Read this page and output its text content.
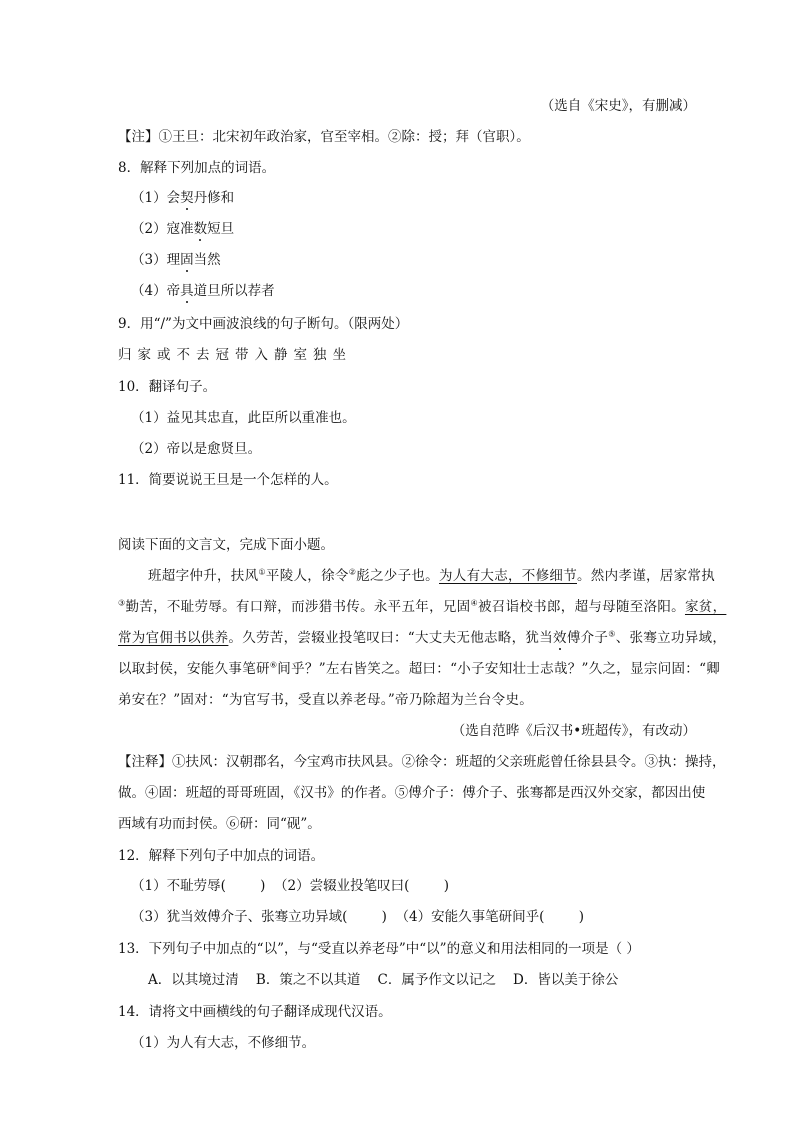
（选自《宋史》，有删减）
【注】①王旦：北宋初年政治家，官至宰相。②除：授；拜（官职）。
8．解释下列加点的词语。
（1）会契丹修和
（2）寇准数短旦
（3）理固当然
（4）帝具道旦所以荐者
9．用“/”为文中画波浪线的句子断句。（限两处）
归家或不去冠带入静室独坐
10．翻译句子。
（1）益见其忠直，此臣所以重准也。
（2）帝以是愈贤旦。
11．简要说说王旦是一个怎样的人。
阅读下面的文言文，完成下面小题。
班超字仲升，扶风①平陵人，徐令②彪之少子也。为人有大志，不修细节。然内孝谨，居家常执
③勤苦，不耻劳辱。有口辩，而涉猎书传。永平五年，兄固④被召诣校书郎，超与母随至洛阳。家贫，
常为官佣书以供养。久劳苦，尝辍业投笔叹曰：“大丈夫无他志略，犹当效傅介子⑤、张骞立功异域，
以取封侯，安能久事笔研⑥间乎？”左右皆笑之。超曰：“小子安知壮士志哉？”久之，显宗问固：“卿
弟安在？”固对：“为官写书，受直以养老母。”帝乃除超为兰台令史。
（选自范晔《后汉书•班超传》，有改动）
【注释】①扶风：汉朝郡名，今宝鸡市扶风县。②徐令：班超的父亲班彪曾任徐县县令。③执：操持，
做。④固：班超的哥哥班固，《汉书》的作者。⑤傅介子：傅介子、张骞都是西汉外交家，都因出使
西域有功而封侯。⑥研：同“砚”。
12．解释下列句子中加点的词语。
（1）不耻劳辱(        )  （2）尝辍业投笔叹曰(        )
（3）犹当效傅介子、张骞立功异域(        )  （4）安能久事笔研间乎(        )
13．下列句子中加点的“以”，与“受直以养老母”中“以”的意义和用法相同的一项是（ ）
A．以其境过清    B．策之不以其道    C．属予作文以记之    D．皆以美于徐公
14．请将文中画横线的句子翻译成现代汉语。
（1）为人有大志，不修细节。
